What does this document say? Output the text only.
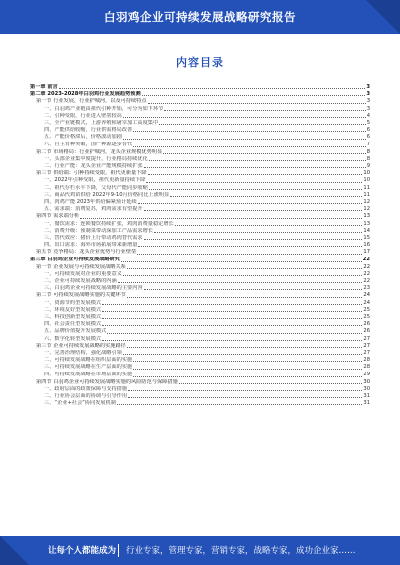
白羽鸡企业可持续发展战略研究报告
内容目录
第一章 前言	3
第二章 2023-2028年白羽鸡行业发展趋势预测	3
第一节 行业发展，行业护城河，以及可持续特点	3
一、白羽鸡产业链由祖代引种开始，可分为如下环节	3
二、引种受限，行业进入壁垒较高	4
三、全产业链模式，上游养殖和屠宰加工高度集中	5
四、产能供给收缩，行业供需格局改善	6
五、产能价格滞后，价格波动加剧	6
六、自主育种突破，国产种源逐步替代	7
第二节 市场格局：行业护城河，龙头企业规模优势明显	8
一、头部企业集中度提升，行业格局持续优化	8
二、行业产能：龙头企业产能规模持续扩张	9
第三节 供给端：引种持续受限，祖代更新量下降	10
一、2022年引种受限，祖代更新量持续下降	10
二、祖代存栏水平下降，父母代产能同步收缩	11
三、商品代鸡苗供给 2022年9-10月价格同比上涨明显	11
四、肉鸡产能 2023年供给偏紧预计延续	12
五、需求端：消费复苏，鸡肉需求有望提升	12
第四节 需求端分析	13
一、餐饮需求：连锁餐饮持续扩张，鸡肉消费量稳定增长	13
二、消费升级：预制菜带动深加工产品需求增长	14
三、替代效应：猪价上行带动鸡肉替代需求	15
四、出口需求：海外市场拓展带来新增量	16
第五节 竞争格局：龙头企业优势与行业壁垒	17
第三章 白羽鸡企业可持续发展战略研究	22
第一节 企业发展与可持续发展战略关系	22
一、可持续发展对企业的重要意义	22
二、企业可持续发展战略的内涵	22
三、白羽鸡企业可持续发展战略的主要内容	23
第二节 可持续发展战略实施的关键环节	24
一、资源节约型发展模式	24
二、环境友好型发展模式	25
三、科技创新型发展模式	25
四、社会责任型发展模式	26
五、品牌价值提升发展模式	26
六、数字化转型发展模式	27
第三节 企业可持续发展战略的实施路径	27
一、完善治理结构，强化战略引领	27
二、可持续发展战略在组织层面的实施	28
三、可持续发展战略在生产层面的实施	28
四、可持续发展战略在市场层面的实施	29
第四节 白羽鸡企业可持续发展战略实施的风险防范与保障措施	30
一、政府层面的政策保障与支持措施	30
二、行业协会层面的协调与引导作用	31
三、“企业+社会”协同发展机制	31
让每个人都能成为 行业专家，管理专家，营销专家，战略专家，成功企业家……
